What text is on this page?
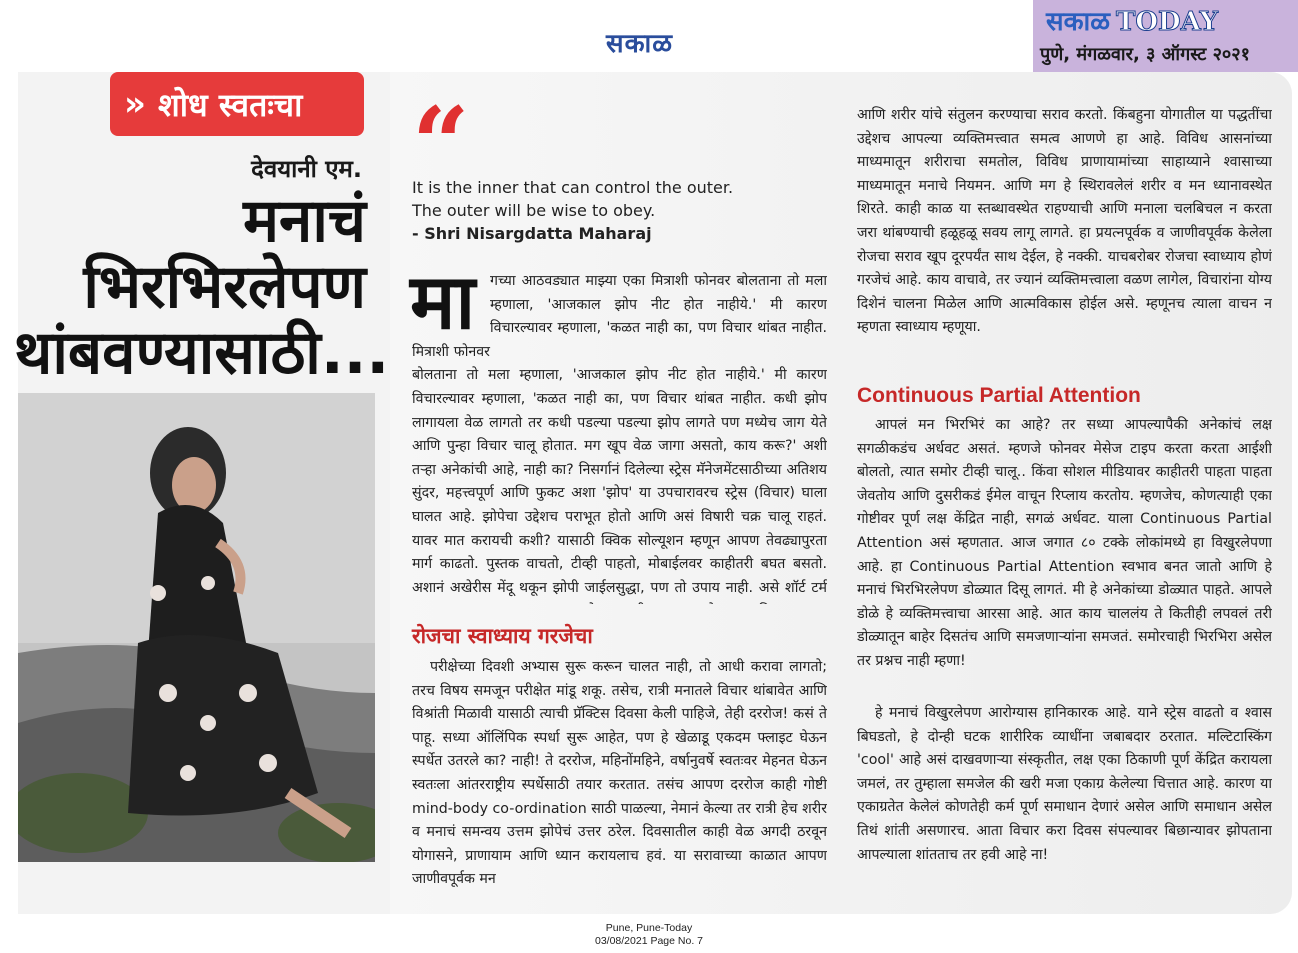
सकाळ
सकाळ TODAY
पुणे, मंगळवार, ३ ऑगस्ट २०२१
» शोध स्वतःचा
देवयानी एम.
मनाचं
भिरभिरलेपण
थांबवण्यासाठी...
“
It is the inner that can control the outer.
The outer will be wise to obey.
- Shri Nisargdatta Maharaj
मा गच्या आठवड्यात माझ्या एका मित्राशी फोनवर बोलताना तो मला म्हणाला, 'आजकाल झोप नीट होत नाहीये.' मी कारण विचारल्यावर म्हणाला, 'कळत नाही का, पण विचार थांबत नाहीत.
मित्राशी फोनवर बोलताना तो मला म्हणाला, 'आजकाल झोप नीट होत नाहीये.' मी कारण विचारल्यावर म्हणाला, 'कळत नाही का, पण विचार थांबत नाहीत. कधी झोप लागायला वेळ लागतो तर कधी पडल्या पडल्या झोप लागते पण मध्येच जाग येते आणि पुन्हा विचार चालू होतात. मग खूप वेळ जागा असतो, काय करू?' अशी तऱ्हा अनेकांची आहे, नाही का? निसर्गानं दिलेल्या स्ट्रेस मॅनेजमेंटसाठीच्या अतिशय सुंदर, महत्त्वपूर्ण आणि फुकट अशा 'झोप' या उपचारावरच स्ट्रेस (विचार) घाला घालत आहे. झोपेचा उद्देशच पराभूत होतो आणि असं विषारी चक्र चालू राहतं. यावर मात करायची कशी? यासाठी क्विक सोल्यूशन म्हणून आपण तेवढ्यापुरता मार्ग काढतो. पुस्तक वाचतो, टीव्ही पाहतो, मोबाईलवर काहीतरी बघत बसतो. अशानं अखेरीस मेंदू थकून झोपी जाईलसुद्धा, पण तो उपाय नाही. असे शॉर्ट टर्म
रोजचा स्वाध्याय गरजेचा
परीक्षेच्या दिवशी अभ्यास सुरू करून चालत नाही, तो आधी करावा लागतो; तरच विषय समजून परीक्षेत मांडू शकू. तसेच, रात्री मनातले विचार थांबावेत आणि विश्रांती मिळावी यासाठी त्याची प्रॅक्टिस दिवसा केली पाहिजे, तेही दररोज! कसं ते पाहू. सध्या ऑलिंपिक स्पर्धा सुरू आहेत, पण हे खेळाडू एकदम फ्लाइट घेऊन स्पर्धेत उतरले का? नाही! ते दररोज, महिनोंमहिने, वर्षानुवर्षे स्वतःवर मेहनत घेऊन स्वतःला आंतरराष्ट्रीय स्पर्धेसाठी तयार करतात. तसंच आपण दररोज काही गोष्टी mind-body co-ordination साठी पाळल्या, नेमानं केल्या तर रात्री हेच शरीर व मनाचं समन्वय उत्तम झोपेचं उत्तर ठरेल. दिवसातील काही वेळ अगदी ठरवून योगासने, प्राणायाम आणि ध्यान करायलाच हवं. या सरावाच्या काळात आपण जाणीवपूर्वक मन
आणि शरीर यांचे संतुलन करण्याचा सराव करतो. किंबहुना योगातील या पद्धतींचा उद्देशच आपल्या व्यक्तिमत्त्वात समत्व आणणे हा आहे. विविध आसनांच्या माध्यमातून शरीराचा समतोल, विविध प्राणायामांच्या साहाय्याने श्वासाच्या माध्यमातून मनाचे नियमन. आणि मग हे स्थिरावलेलं शरीर व मन ध्यानावस्थेत शिरते. काही काळ या स्तब्धावस्थेत राहण्याची आणि मनाला चलबिचल न करता जरा थांबण्याची हळूहळू सवय लागू लागते. हा प्रयत्नपूर्वक व जाणीवपूर्वक केलेला रोजचा सराव खूप दूरपर्यंत साथ देईल, हे नक्की. याचबरोबर रोजचा स्वाध्याय होणं गरजेचं आहे. काय वाचावे, तर ज्यानं व्यक्तिमत्त्वाला वळण लागेल, विचारांना योग्य दिशेनं चालना मिळेल आणि आत्मविकास होईल असे. म्हणूनच त्याला वाचन न म्हणता स्वाध्याय म्हणूया.
Continuous Partial Attention
आपलं मन भिरभिरं का आहे? तर सध्या आपल्यापैकी अनेकांचं लक्ष सगळीकडंच अर्धवट असतं. म्हणजे फोनवर मेसेज टाइप करता करता आईशी बोलतो, त्यात समोर टीव्ही चालू.. किंवा सोशल मीडियावर काहीतरी पाहता पाहता जेवतोय आणि दुसरीकडं ईमेल वाचून रिप्लाय करतोय. म्हणजेच, कोणत्याही एका गोष्टीवर पूर्ण लक्ष केंद्रित नाही, सगळं अर्धवट. याला Continuous Partial Attention असं म्हणतात. आज जगात ८० टक्के लोकांमध्ये हा विखुरलेपणा आहे. हा Continuous Partial Attention स्वभाव बनत जातो आणि हे मनाचं भिरभिरलेपण डोळ्यात दिसू लागतं. मी हे अनेकांच्या डोळ्यात पाहते. आपले डोळे हे व्यक्तिमत्त्वाचा आरसा आहे. आत काय चाललंय ते कितीही लपवलं तरी डोळ्यातून बाहेर दिसतंच आणि समजणाऱ्यांना समजतं. समोरचाही भिरभिरा असेल तर प्रश्नच नाही म्हणा!
हे मनाचं विखुरलेपण आरोग्यास हानिकारक आहे. याने स्ट्रेस वाढतो व श्वास बिघडतो, हे दोन्ही घटक शारीरिक व्याधींना जबाबदार ठरतात. मल्टिटास्किंग 'cool' आहे असं दाखवणाऱ्या संस्कृतीत, लक्ष एका ठिकाणी पूर्ण केंद्रित करायला जमलं, तर तुम्हाला समजेल की खरी मजा एकाग्र केलेल्या चित्तात आहे. कारण या एकाग्रतेत केलेलं कोणतेही कर्म पूर्ण समाधान देणारं असेल आणि समाधान असेल तिथं शांती असणारच. आता विचार करा दिवस संपल्यावर बिछान्यावर झोपताना आपल्याला शांतताच तर हवी आहे ना!
Pune, Pune-Today
03/08/2021 Page No. 7
